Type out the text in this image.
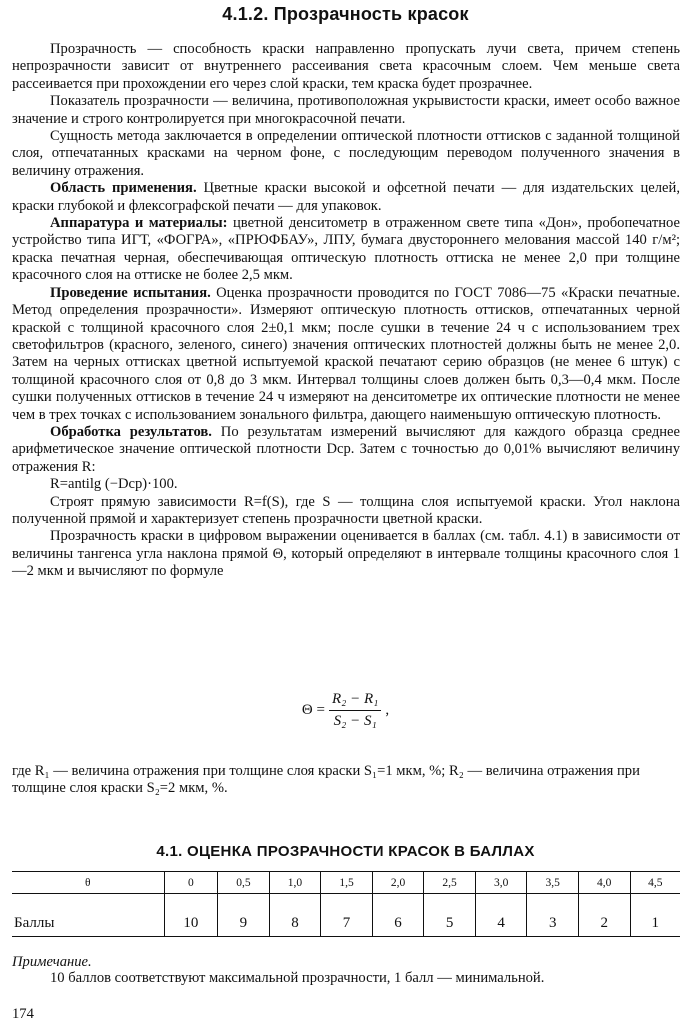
4.1.2. Прозрачность красок

Прозрачность — способность краски направленно пропускать лучи света, причем степень непрозрачности зависит от внутреннего рассеивания света красочным слоем. Чем меньше света рассеивается при прохождении его через слой краски, тем краска будет прозрачнее.

Показатель прозрачности — величина, противоположная укрывистости краски, имеет особо важное значение и строго контролируется при многокрасочной печати.

Сущность метода заключается в определении оптической плотности оттисков с заданной толщиной слоя, отпечатанных красками на черном фоне, с последующим переводом полученного значения в величину отражения.

Область применения. Цветные краски высокой и офсетной печати — для издательских целей, краски глубокой и флексографской печати — для упаковок.

Аппаратура и материалы: цветной денситометр в отраженном свете типа «Дон», пробопечатное устройство типа ИГТ, «ФОГРА», «ПРЮФБАУ», ЛПУ, бумага двустороннего мелования массой 140 г/м²; краска печатная черная, обеспечивающая оптическую плотность оттиска не менее 2,0 при толщине красочного слоя на оттиске не более 2,5 мкм.

Проведение испытания. Оценка прозрачности проводится по ГОСТ 7086—75 «Краски печатные. Метод определения прозрачности». Измеряют оптическую плотность оттисков, отпечатанных черной краской с толщиной красочного слоя 2±0,1 мкм; после сушки в течение 24 ч с использованием трех светофильтров (красного, зеленого, синего) значения оптических плотностей должны быть не менее 2,0. Затем на черных оттисках цветной испытуемой краской печатают серию образцов (не менее 6 штук) с толщиной красочного слоя от 0,8 до 3 мкм. Интервал толщины слоев должен быть 0,3—0,4 мкм. После сушки полученных оттисков в течение 24 ч измеряют на денситометре их оптические плотности не менее чем в трех точках с использованием зонального фильтра, дающего наименьшую оптическую плотность.

Обработка результатов. По результатам измерений вычисляют для каждого образца среднее арифметическое значение оптической плотности Dср. Затем с точностью до 0,01% вычисляют величину отражения R:

R=antilg (−Dср)·100.

Строят прямую зависимости R=f(S), где S — толщина слоя испытуемой краски. Угол наклона полученной прямой и характеризует степень прозрачности цветной краски.

Прозрачность краски в цифровом выражении оценивается в баллах (см. табл. 4.1) в зависимости от величины тангенса угла наклона прямой Θ, который определяют в интервале толщины красочного слоя 1—2 мкм и вычисляют по формуле

$\Theta = \frac{\text{R₂ − R₁}}{\text{S₂ − S₁}}$ ,
где R₁ — величина отражения при толщине слоя краски S₁=1 мкм, %; R₂ — величина отражения при толщине слоя краски S₂=2 мкм, %.
4.1. ОЦЕНКА ПРОЗРАЧНОСТИ КРАСОК В БАЛЛАХ
θ	0	0,5	1,0	1,5	2,0	2,5	3,0	3,5	4,0	4,5
Баллы	10	9	8	7	6	5	4	3	2	1
Примечание.
10 баллов соответствуют максимальной прозрачности, 1 балл — минимальной.
174
